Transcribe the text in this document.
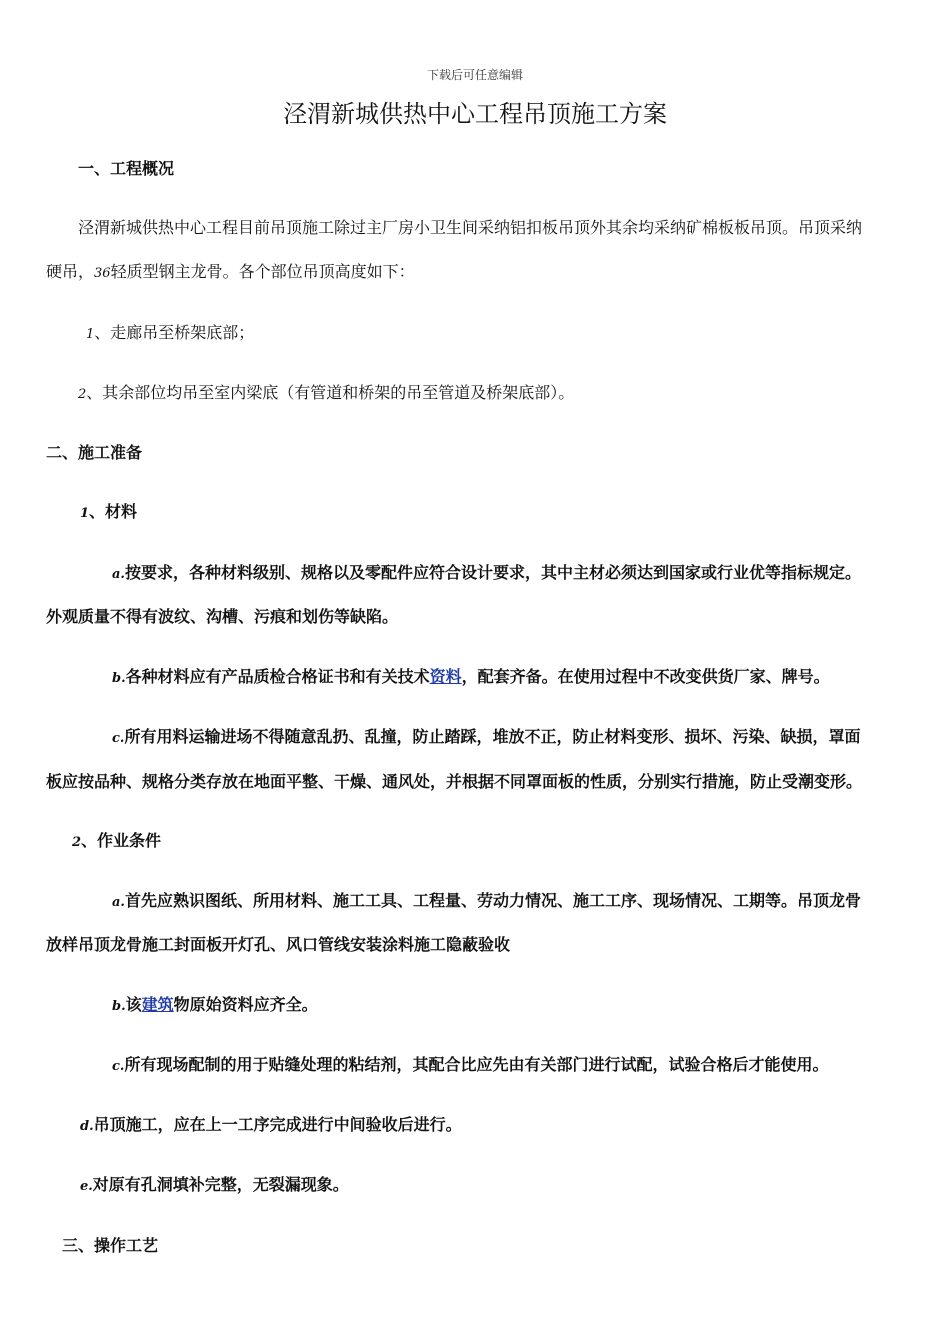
下载后可任意编辑
泾渭新城供热中心工程吊顶施工方案
一、工程概况
泾渭新城供热中心工程目前吊顶施工除过主厂房小卫生间采纳铝扣板吊顶外其余均采纳矿棉板板吊顶。吊顶采纳
硬吊，36轻质型钢主龙骨。各个部位吊顶高度如下：
1、走廊吊至桥架底部；
2、其余部位均吊至室内梁底（有管道和桥架的吊至管道及桥架底部）。
二、施工准备
1、材料
a.按要求，各种材料级别、规格以及零配件应符合设计要求，其中主材必须达到国家或行业优等指标规定。
外观质量不得有波纹、沟槽、污痕和划伤等缺陷。
b.各种材料应有产品质检合格证书和有关技术资料，配套齐备。在使用过程中不改变供货厂家、牌号。
c.所有用料运输进场不得随意乱扔、乱撞，防止踏踩，堆放不正，防止材料变形、损坏、污染、缺损，罩面
板应按品种、规格分类存放在地面平整、干燥、通风处，并根据不同罩面板的性质，分别实行措施，防止受潮变形。
2、作业条件
a.首先应熟识图纸、所用材料、施工工具、工程量、劳动力情况、施工工序、现场情况、工期等。吊顶龙骨
放样吊顶龙骨施工封面板开灯孔、风口管线安装涂料施工隐蔽验收
b.该建筑物原始资料应齐全。
c.所有现场配制的用于贴缝处理的粘结剂，其配合比应先由有关部门进行试配，试验合格后才能使用。
d.吊顶施工，应在上一工序完成进行中间验收后进行。
e.对原有孔洞填补完整，无裂漏现象。
三、操作工艺
